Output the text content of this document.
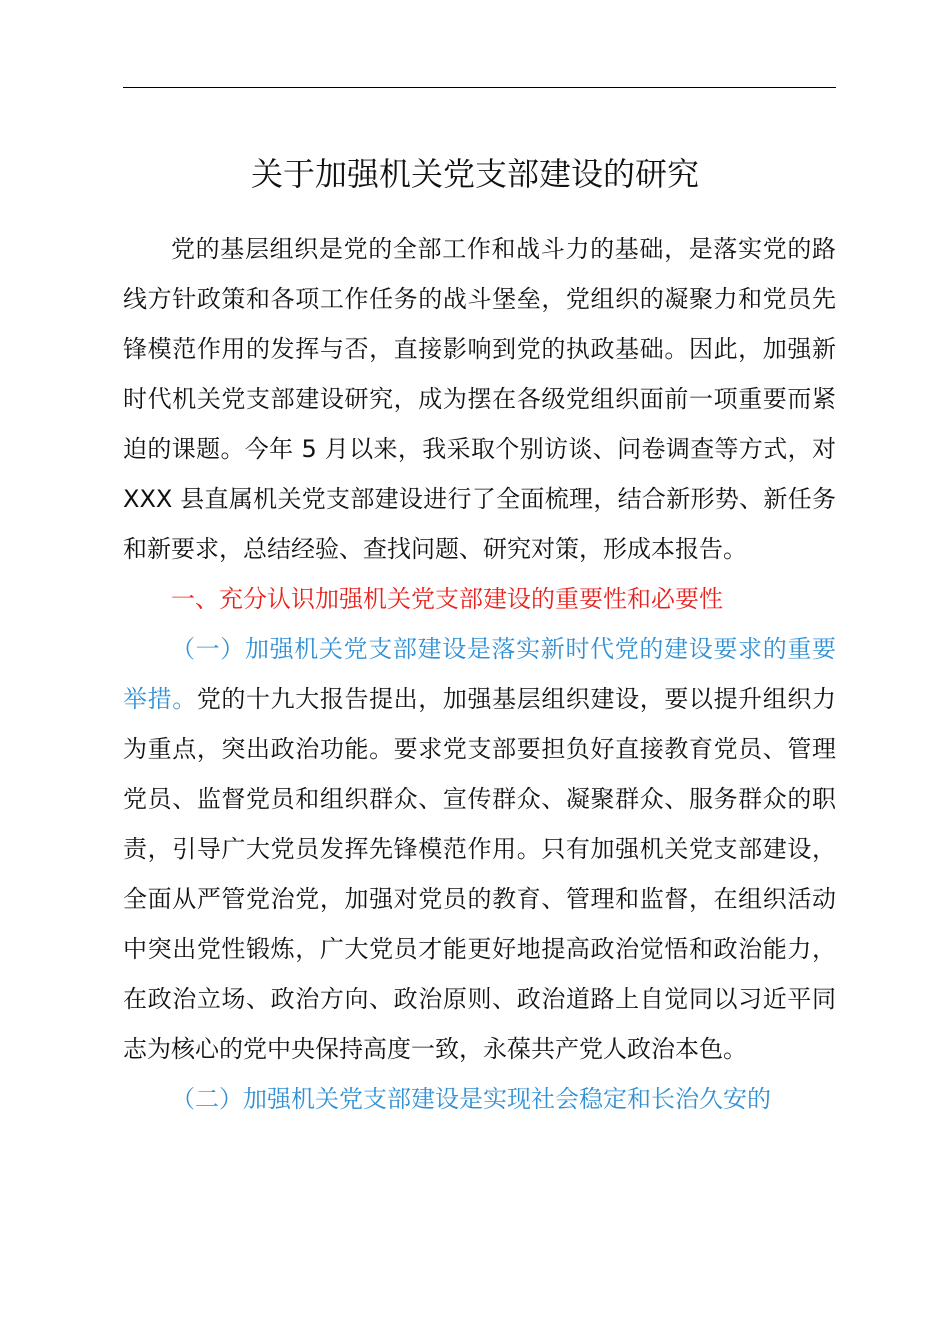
关于加强机关党支部建设的研究

党的基层组织是党的全部工作和战斗力的基础，是落实党的路线方针政策和各项工作任务的战斗堡垒，党组织的凝聚力和党员先锋模范作用的发挥与否，直接影响到党的执政基础。因此，加强新时代机关党支部建设研究，成为摆在各级党组织面前一项重要而紧迫的课题。今年 5 月以来，我采取个别访谈、问卷调查等方式，对 XXX 县直属机关党支部建设进行了全面梳理，结合新形势、新任务和新要求，总结经验、查找问题、研究对策，形成本报告。

一、充分认识加强机关党支部建设的重要性和必要性

（一）加强机关党支部建设是落实新时代党的建设要求的重要举措。党的十九大报告提出，加强基层组织建设，要以提升组织力为重点，突出政治功能。要求党支部要担负好直接教育党员、管理党员、监督党员和组织群众、宣传群众、凝聚群众、服务群众的职责，引导广大党员发挥先锋模范作用。只有加强机关党支部建设，全面从严管党治党，加强对党员的教育、管理和监督，在组织活动中突出党性锻炼，广大党员才能更好地提高政治觉悟和政治能力，在政治立场、政治方向、政治原则、政治道路上自觉同以习近平同志为核心的党中央保持高度一致，永葆共产党人政治本色。

（二）加强机关党支部建设是实现社会稳定和长治久安的
